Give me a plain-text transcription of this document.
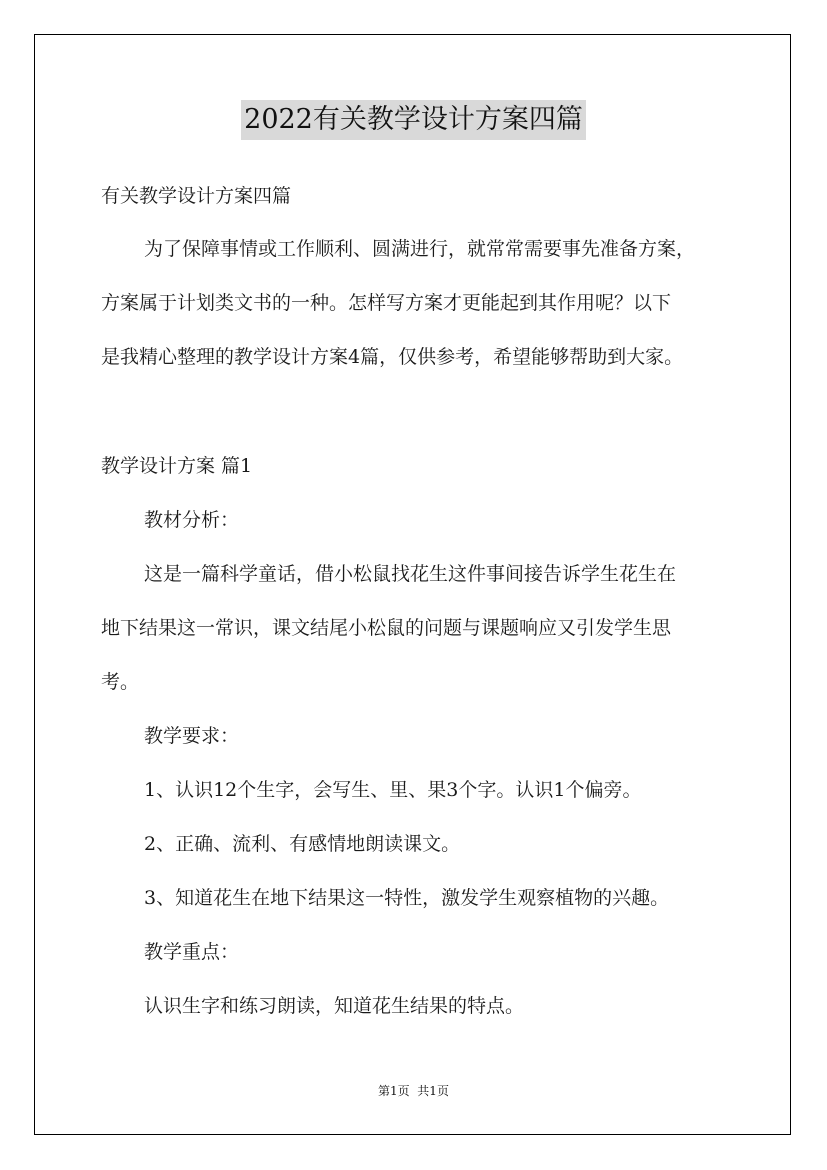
2022有关教学设计方案四篇
有关教学设计方案四篇
为了保障事情或工作顺利、圆满进行，就常常需要事先准备方案，
方案属于计划类文书的一种。怎样写方案才更能起到其作用呢？以下
是我精心整理的教学设计方案4篇，仅供参考，希望能够帮助到大家。
教学设计方案 篇1
教材分析：
这是一篇科学童话，借小松鼠找花生这件事间接告诉学生花生在
地下结果这一常识，课文结尾小松鼠的问题与课题响应又引发学生思
考。
教学要求：
1、认识12个生字，会写生、里、果3个字。认识1个偏旁。
2、正确、流利、有感情地朗读课文。
3、知道花生在地下结果这一特性，激发学生观察植物的兴趣。
教学重点：
认识生字和练习朗读，知道花生结果的特点。
第1页  共1页
